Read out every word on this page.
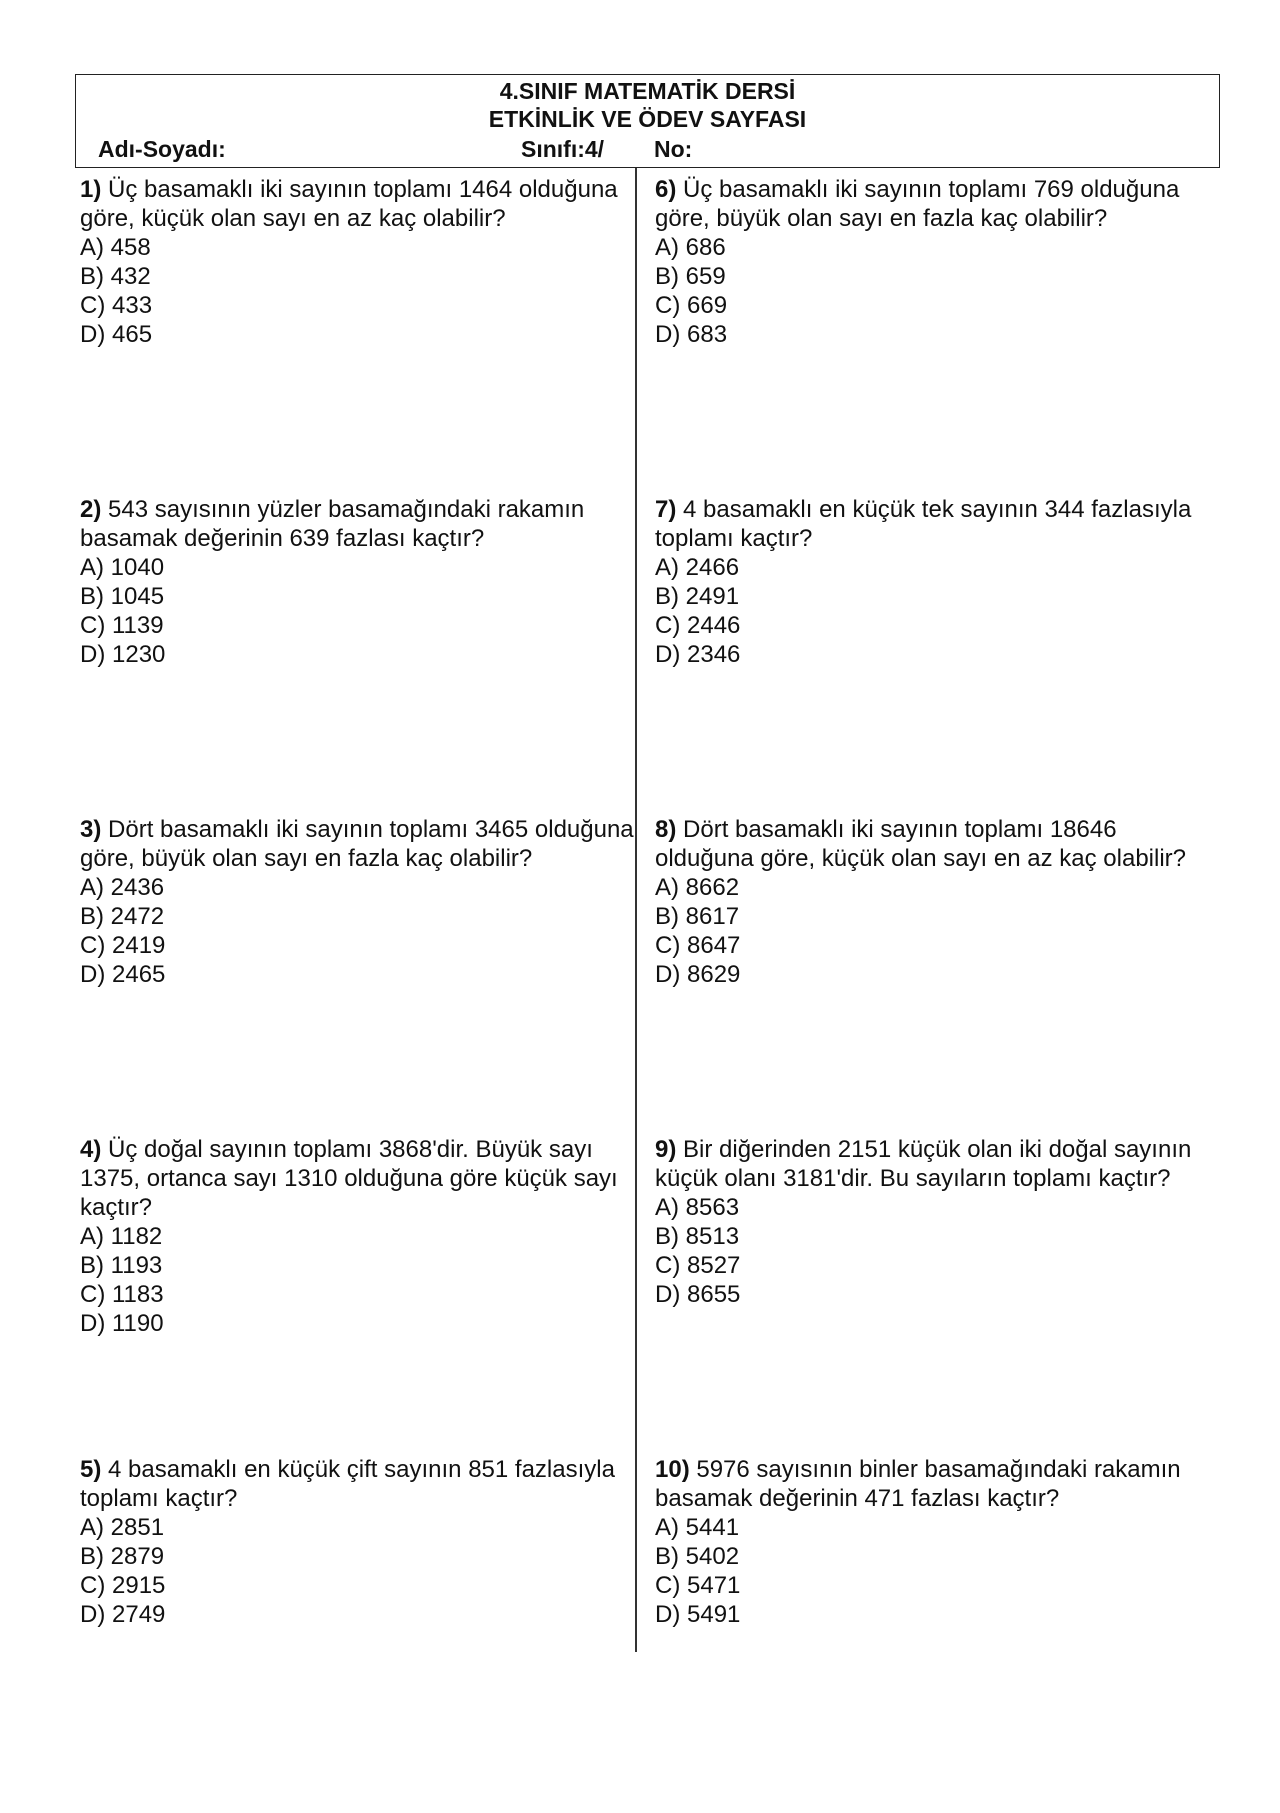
4.SINIF MATEMATİK DERSİ
ETKİNLİK VE ÖDEV SAYFASI
Adı-Soyadı:	Sınıfı:4/ No:
1) Üç basamaklı iki sayının toplamı 1464 olduğuna göre, küçük olan sayı en az kaç olabilir?
A) 458
B) 432
C) 433
D) 465
2) 543 sayısının yüzler basamağındaki rakamın basamak değerinin 639 fazlası kaçtır?
A) 1040
B) 1045
C) 1139
D) 1230
3) Dört basamaklı iki sayının toplamı 3465 olduğuna göre, büyük olan sayı en fazla kaç olabilir?
A) 2436
B) 2472
C) 2419
D) 2465
4) Üç doğal sayının toplamı 3868'dir. Büyük sayı 1375, ortanca sayı 1310 olduğuna göre küçük sayı kaçtır?
A) 1182
B) 1193
C) 1183
D) 1190
5) 4 basamaklı en küçük çift sayının 851 fazlasıyla toplamı kaçtır?
A) 2851
B) 2879
C) 2915
D) 2749
6) Üç basamaklı iki sayının toplamı 769 olduğuna göre, büyük olan sayı en fazla kaç olabilir?
A) 686
B) 659
C) 669
D) 683
7) 4 basamaklı en küçük tek sayının 344 fazlasıyla toplamı kaçtır?
A) 2466
B) 2491
C) 2446
D) 2346
8) Dört basamaklı iki sayının toplamı 18646 olduğuna göre, küçük olan sayı en az kaç olabilir?
A) 8662
B) 8617
C) 8647
D) 8629
9) Bir diğerinden 2151 küçük olan iki doğal sayının küçük olanı 3181'dir. Bu sayıların toplamı kaçtır?
A) 8563
B) 8513
C) 8527
D) 8655
10) 5976 sayısının binler basamağındaki rakamın basamak değerinin 471 fazlası kaçtır?
A) 5441
B) 5402
C) 5471
D) 5491
